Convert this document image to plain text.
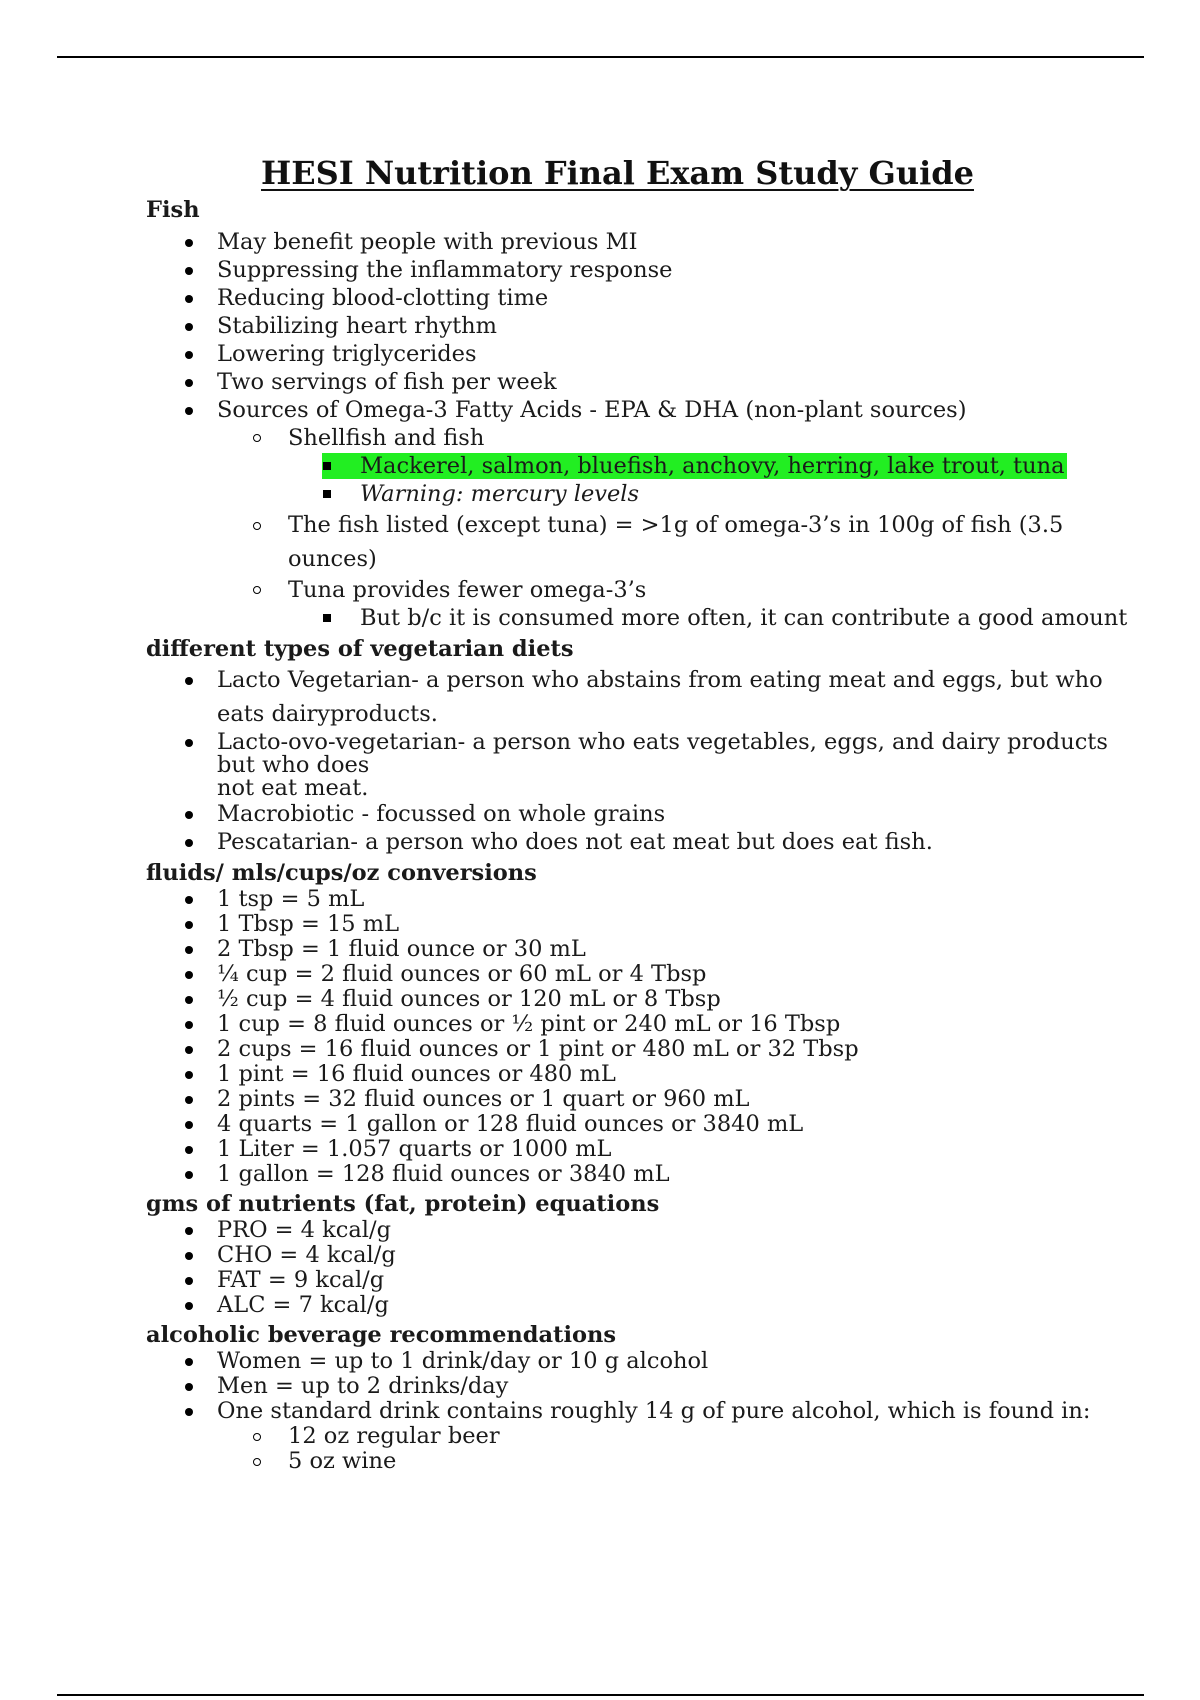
HESI Nutrition Final Exam Study Guide

Fish

May benefit people with previous MI
Suppressing the inflammatory response
Reducing blood-clotting time
Stabilizing heart rhythm
Lowering triglycerides
Two servings of fish per week
Sources of Omega-3 Fatty Acids - EPA & DHA (non-plant sources)
Shellfish and fish
Mackerel, salmon, bluefish, anchovy, herring, lake trout, tuna
Warning: mercury levels
The fish listed (except tuna) = >1g of omega-3’s in 100g of fish (3.5 ounces)
Tuna provides fewer omega-3’s
But b/c it is consumed more often, it can contribute a good amount

different types of vegetarian diets

Lacto Vegetarian- a person who abstains from eating meat and eggs, but who eats dairyproducts.
Lacto-ovo-vegetarian- a person who eats vegetables, eggs, and dairy products but who does
not eat meat.
Macrobiotic - focussed on whole grains
Pescatarian- a person who does not eat meat but does eat fish.

fluids/ mls/cups/oz conversions

1 tsp = 5 mL
1 Tbsp = 15 mL
2 Tbsp = 1 fluid ounce or 30 mL
¼ cup = 2 fluid ounces or 60 mL or 4 Tbsp
½ cup = 4 fluid ounces or 120 mL or 8 Tbsp
1 cup = 8 fluid ounces or ½ pint or 240 mL or 16 Tbsp
2 cups = 16 fluid ounces or 1 pint or 480 mL or 32 Tbsp
1 pint = 16 fluid ounces or 480 mL
2 pints = 32 fluid ounces or 1 quart or 960 mL
4 quarts = 1 gallon or 128 fluid ounces or 3840 mL
1 Liter = 1.057 quarts or 1000 mL
1 gallon = 128 fluid ounces or 3840 mL

gms of nutrients (fat, protein) equations

PRO = 4 kcal/g
CHO = 4 kcal/g
FAT = 9 kcal/g
ALC = 7 kcal/g

alcoholic beverage recommendations

Women = up to 1 drink/day or 10 g alcohol
Men = up to 2 drinks/day
One standard drink contains roughly 14 g of pure alcohol, which is found in:
12 oz regular beer
5 oz wine
